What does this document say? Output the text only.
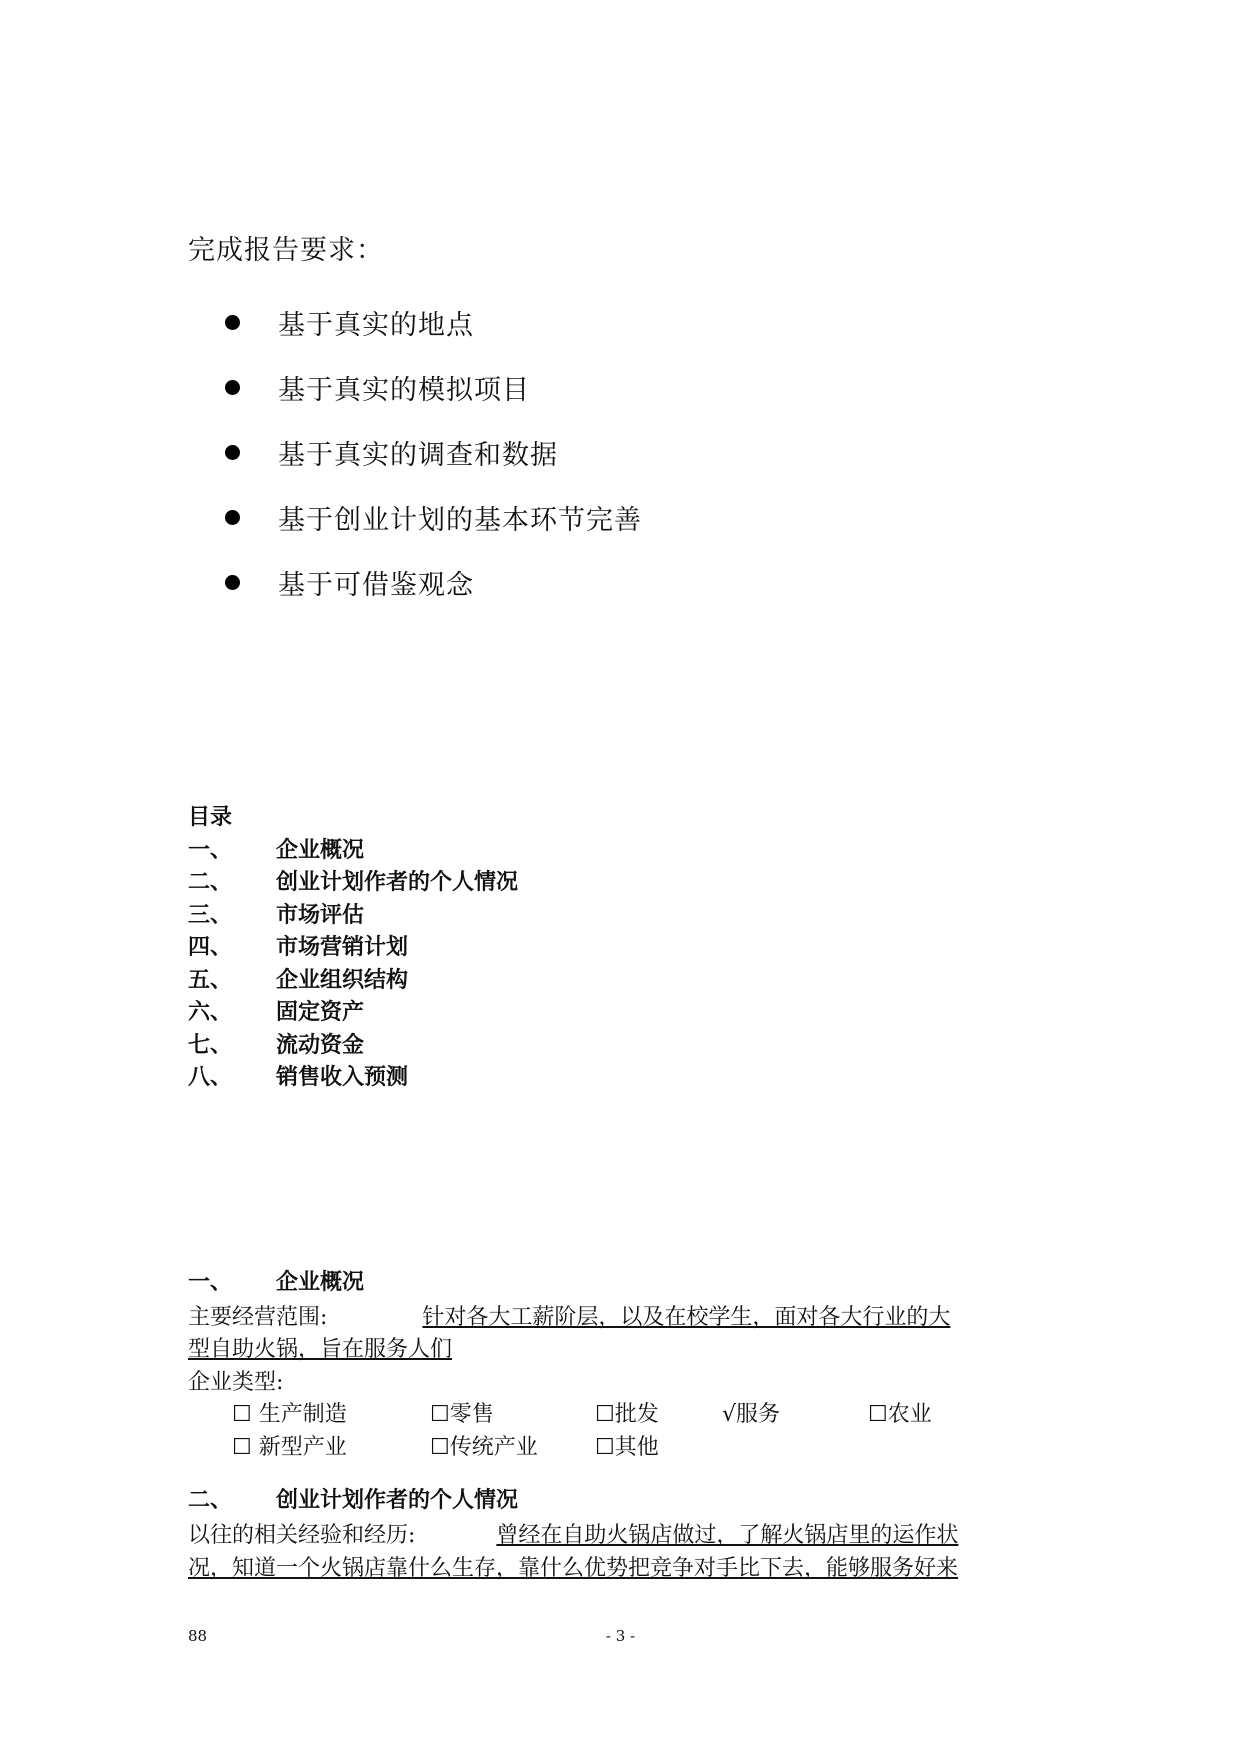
完成报告要求：
基于真实的地点
基于真实的模拟项目
基于真实的调查和数据
基于创业计划的基本环节完善
基于可借鉴观念
目录
一、	企业概况
二、	创业计划作者的个人情况
三、	市场评估
四、	市场营销计划
五、	企业组织结构
六、	固定资产
七、	流动资金
八、	销售收入预测
一、	企业概况
主要经营范围:	针对各大工薪阶层，以及在校学生，面对各大行业的大
型自助火锅，旨在服务人们
企业类型:
☐ 生产制造	☐零售	☐批发	√服务	☐农业
☐ 新型产业	☐传统产业	☐其他
二、	创业计划作者的个人情况
以往的相关经验和经历:	曾经在自助火锅店做过，了解火锅店里的运作状
况，知道一个火锅店靠什么生存，靠什么优势把竞争对手比下去，能够服务好来
88	- 3 -
